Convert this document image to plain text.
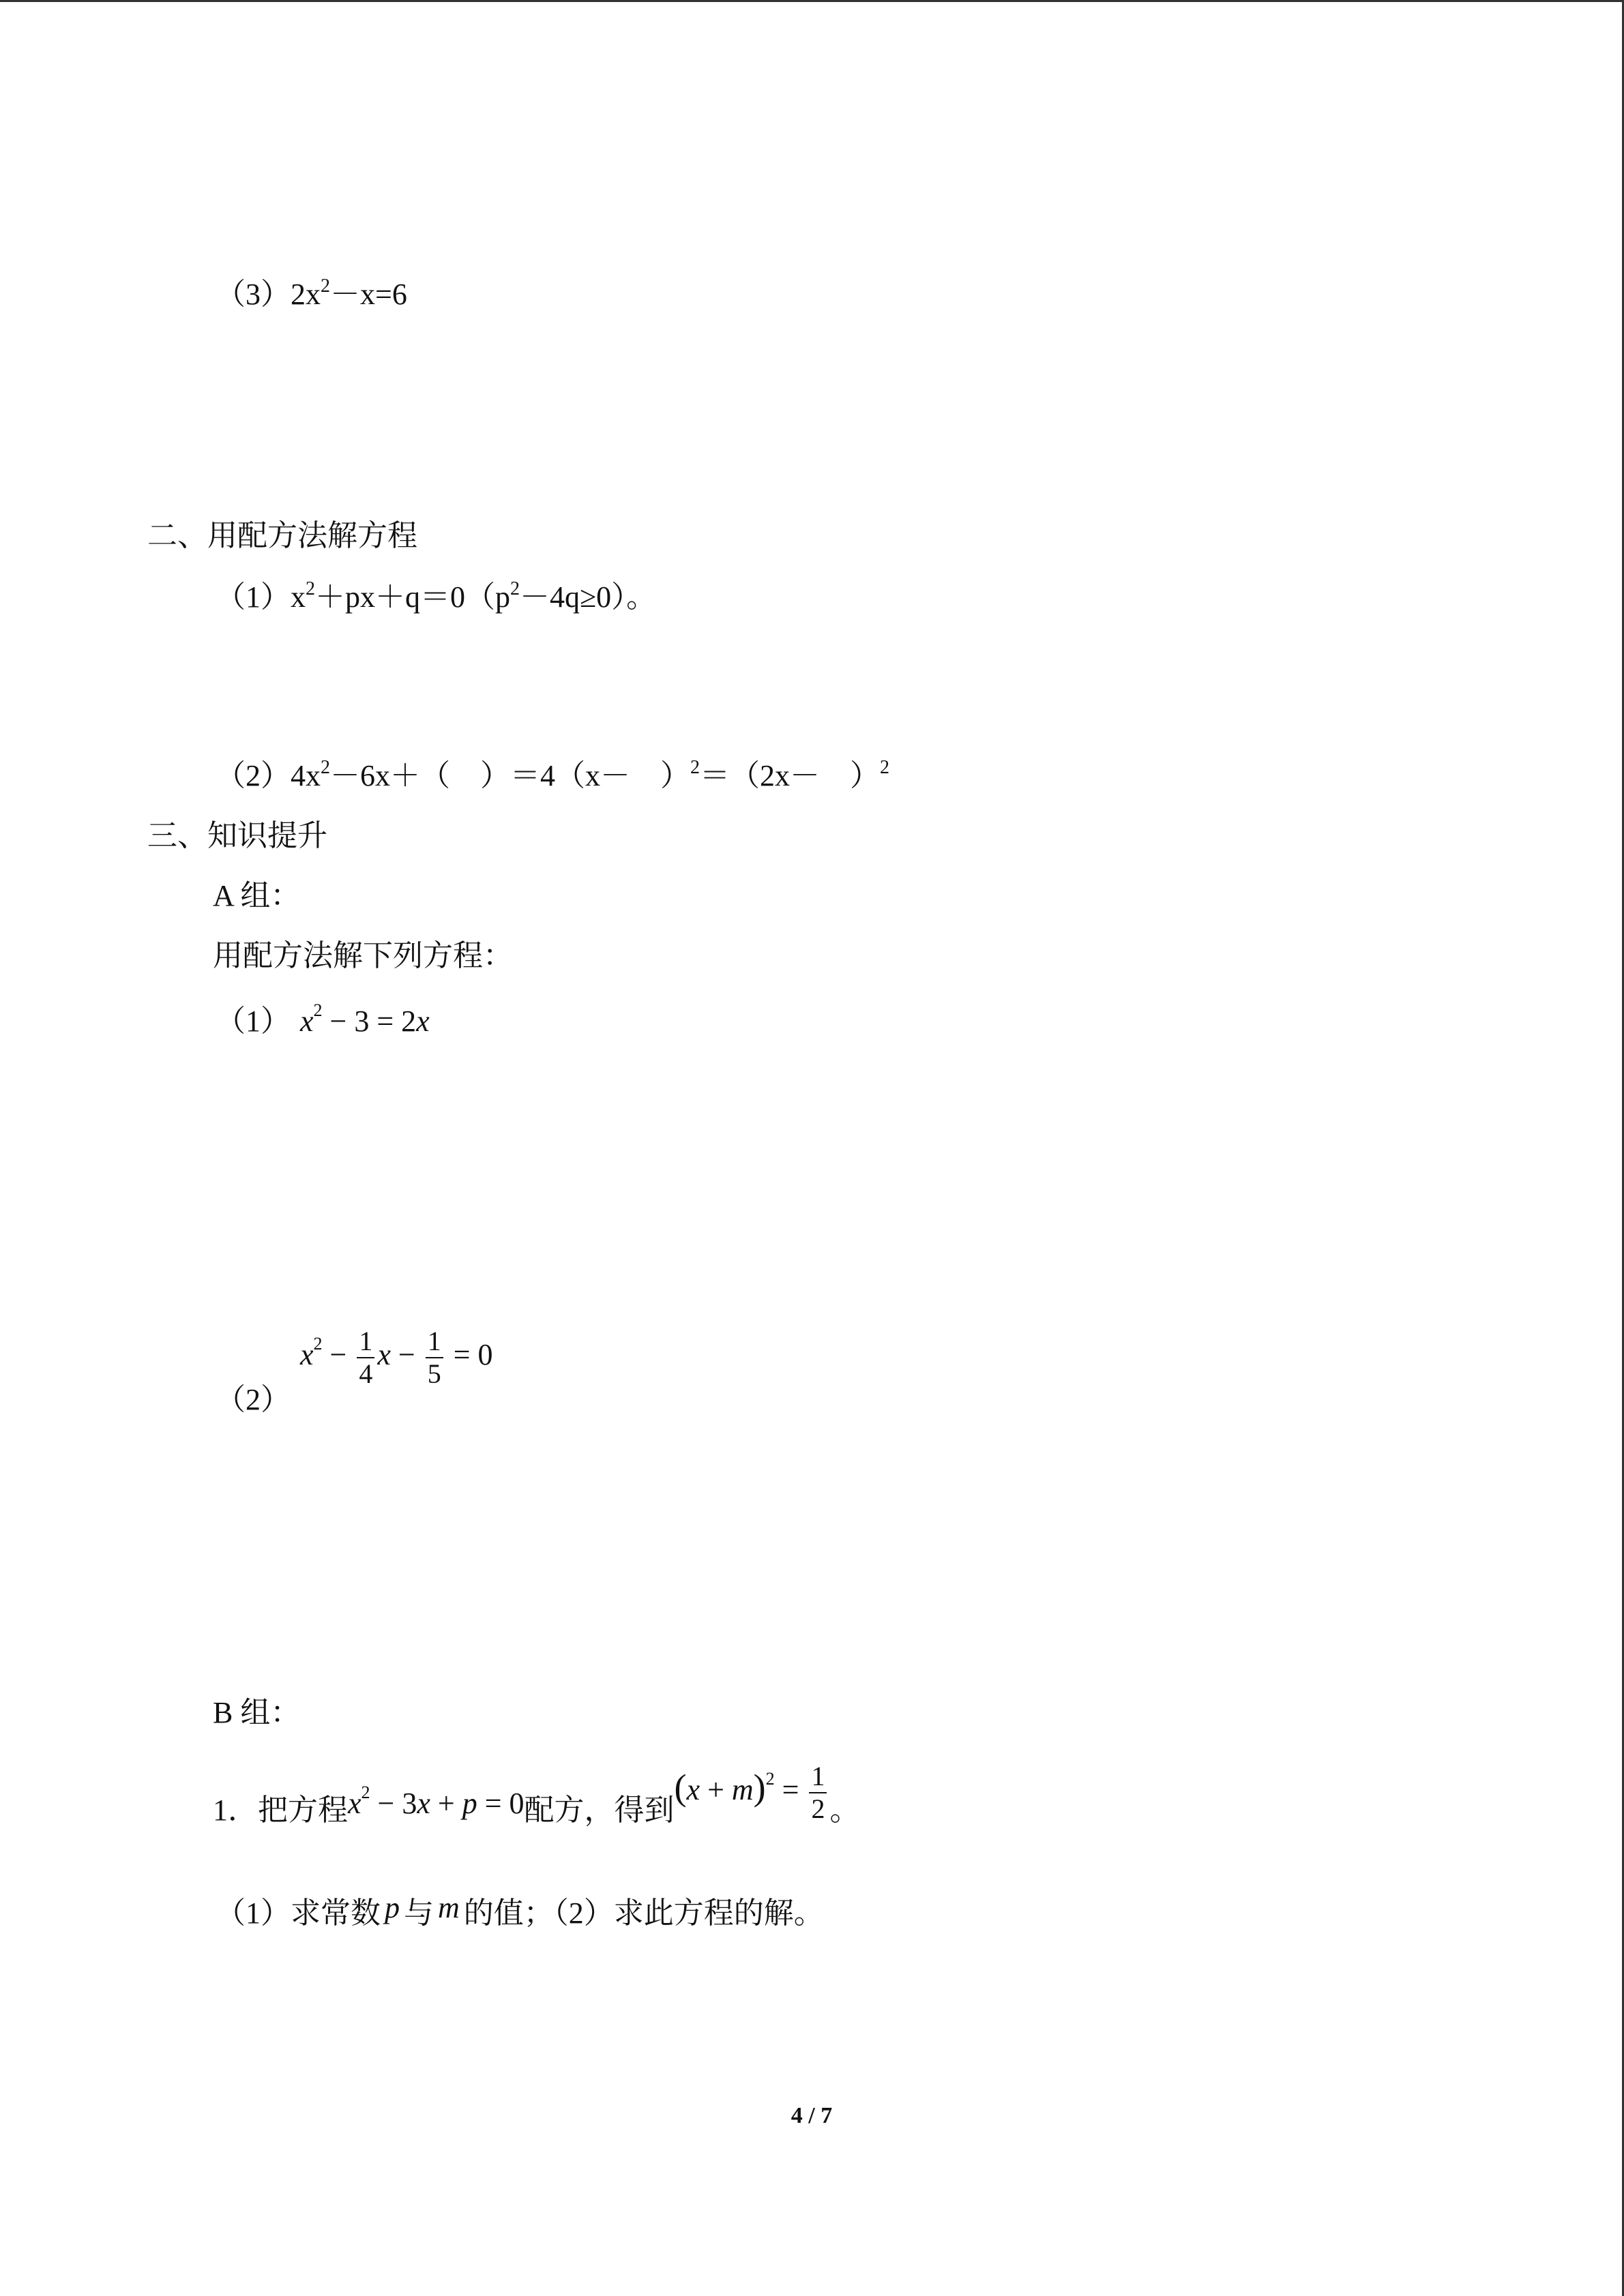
$(3)2x^2-x=6$
二、用配方法解方程
$(1)x^2+px+q=0(p^2-4q\ge 0)$。
$(2)4x^2-6x+$（　）＝4（x－　）$^2$＝（2x－　）$^2$
三、知识提升
A 组：
用配方法解下列方程：
（1） $x^2 - 3 = 2x$
$(2)x^2 - \frac{1}{4}$ $x - \frac{1}{5} = 0$
B 组：
1．把方程$x^2 - 3x + p = 0$配方，得到$(x + m)^2 = \frac{1}{2}$ 。
（1）求常数 p 与 m 的值；（2）求此方程的解。
4 / 7
